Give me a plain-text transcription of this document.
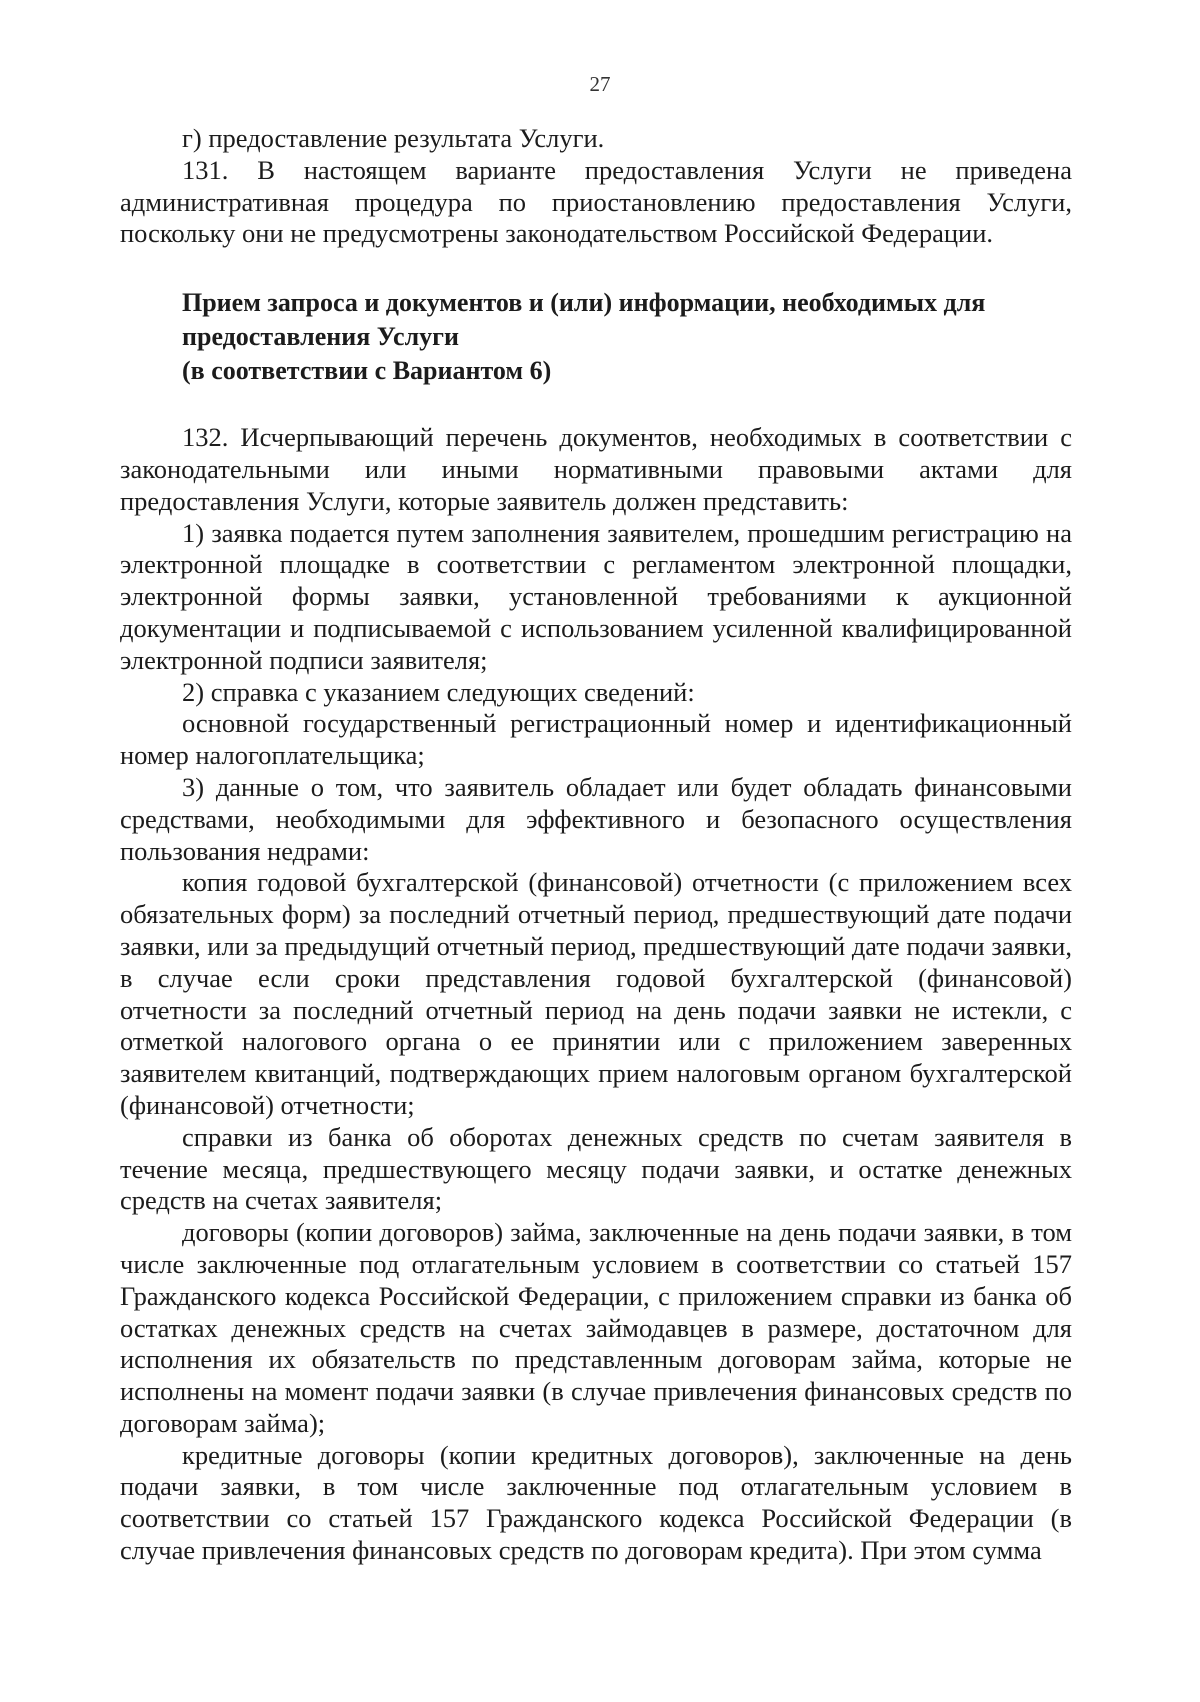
27

г) предоставление результата Услуги.

131. В настоящем варианте предоставления Услуги не приведена административная процедура по приостановлению предоставления Услуги, поскольку они не предусмотрены законодательством Российской Федерации.

Прием запроса и документов и (или) информации, необходимых для

предоставления Услуги

(в соответствии с Вариантом 6)

132. Исчерпывающий перечень документов, необходимых в соответствии с законодательными или иными нормативными правовыми актами для предоставления Услуги, которые заявитель должен представить:

1) заявка подается путем заполнения заявителем, прошедшим регистрацию на электронной площадке в соответствии с регламентом электронной площадки, электронной формы заявки, установленной требованиями к аукционной документации и подписываемой с использованием усиленной квалифицированной электронной подписи заявителя;

2) справка с указанием следующих сведений:

основной государственный регистрационный номер и идентификационный номер налогоплательщика;

3) данные о том, что заявитель обладает или будет обладать финансовыми средствами, необходимыми для эффективного и безопасного осуществления пользования недрами:

копия годовой бухгалтерской (финансовой) отчетности (с приложением всех обязательных форм) за последний отчетный период, предшествующий дате подачи заявки, или за предыдущий отчетный период, предшествующий дате подачи заявки, в случае если сроки представления годовой бухгалтерской (финансовой) отчетности за последний отчетный период на день подачи заявки не истекли, с отметкой налогового органа о ее принятии или с приложением заверенных заявителем квитанций, подтверждающих прием налоговым органом бухгалтерской (финансовой) отчетности;

справки из банка об оборотах денежных средств по счетам заявителя в течение месяца, предшествующего месяцу подачи заявки, и остатке денежных средств на счетах заявителя;

договоры (копии договоров) займа, заключенные на день подачи заявки, в том числе заключенные под отлагательным условием в соответствии со статьей 157 Гражданского кодекса Российской Федерации, с приложением справки из банка об остатках денежных средств на счетах займодавцев в размере, достаточном для исполнения их обязательств по представленным договорам займа, которые не исполнены на момент подачи заявки (в случае привлечения финансовых средств по договорам займа);

кредитные договоры (копии кредитных договоров), заключенные на день подачи заявки, в том числе заключенные под отлагательным условием в соответствии со статьей 157 Гражданского кодекса Российской Федерации (в случае привлечения финансовых средств по договорам кредита). При этом сумма
